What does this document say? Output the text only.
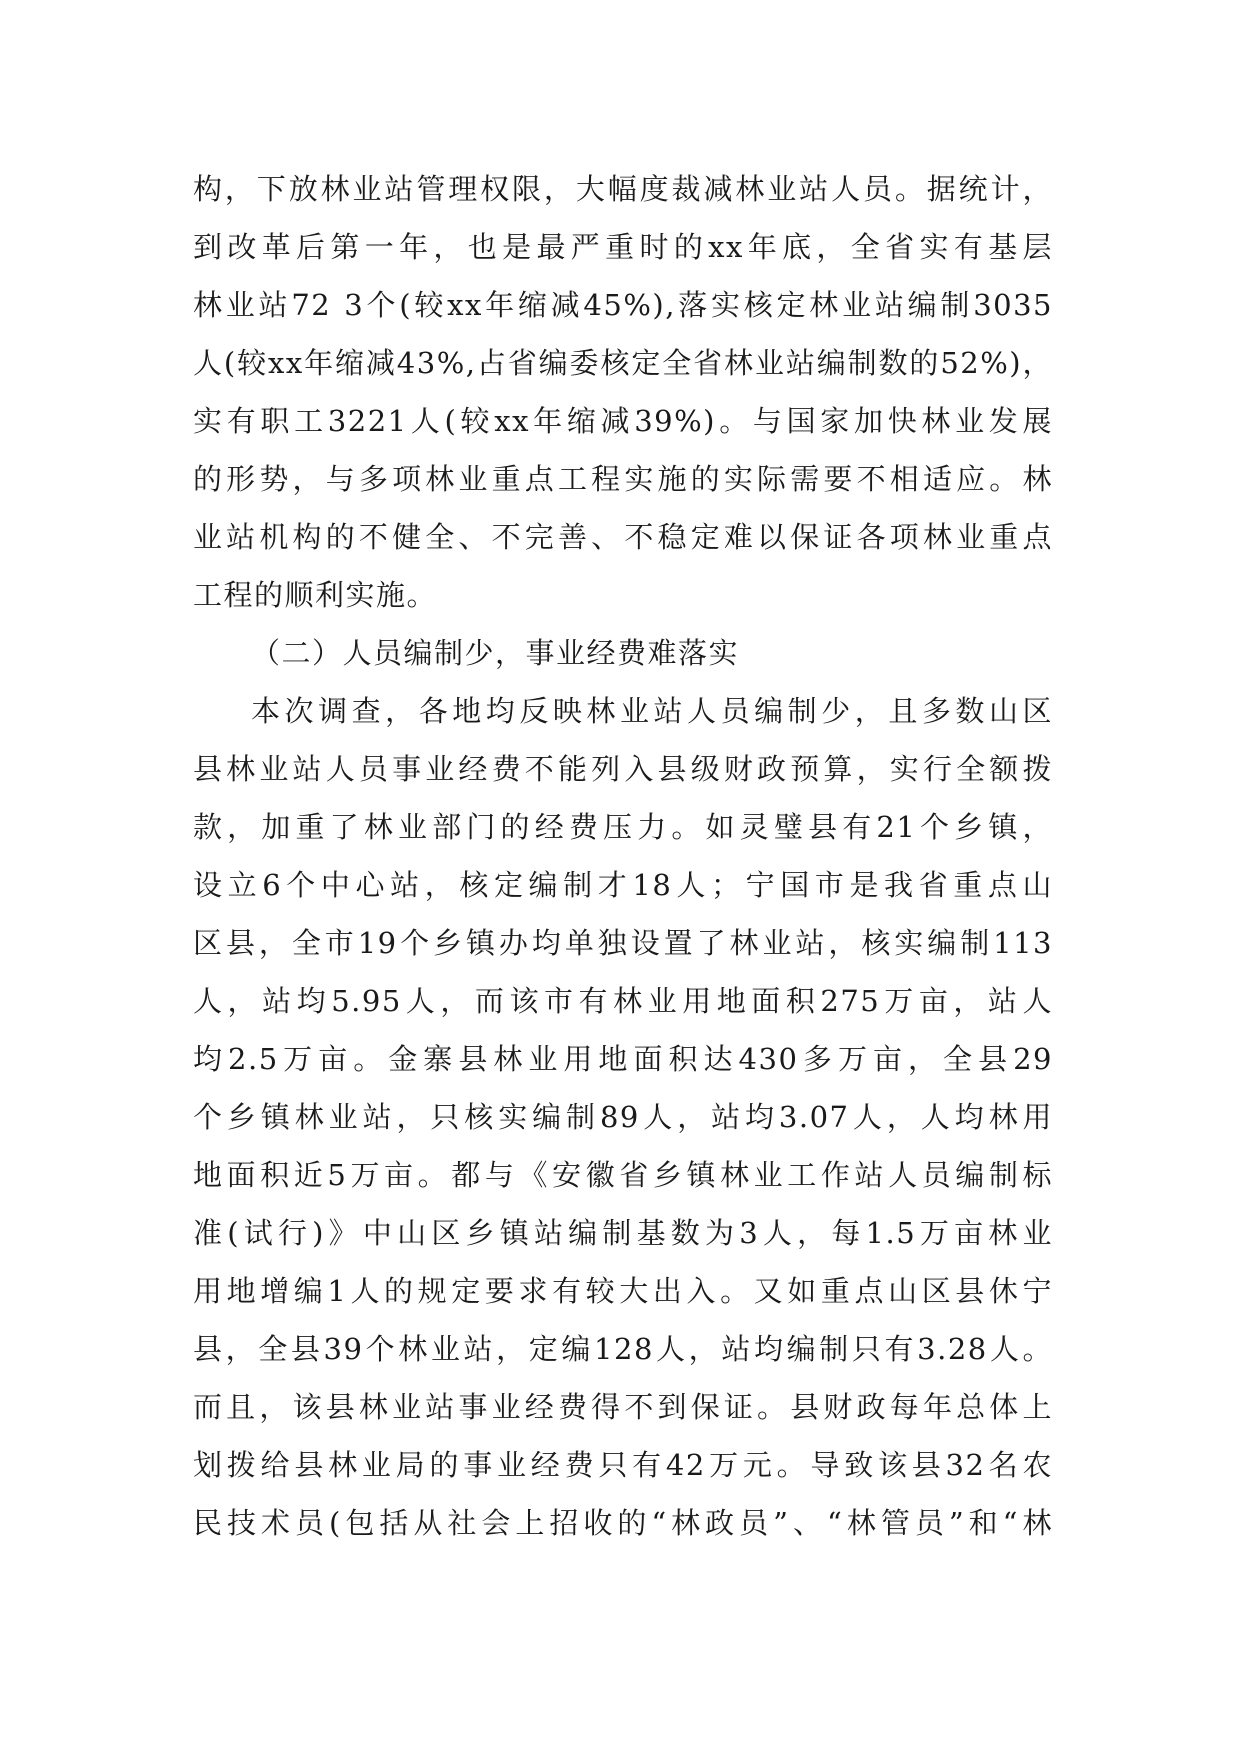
构，下放林业站管理权限，大幅度裁减林业站人员。据统计，
到改革后第一年，也是最严重时的xx年底，全省实有基层
林业站72 3个(较xx年缩减45%),落实核定林业站编制3035
人(较xx年缩减43%,占省编委核定全省林业站编制数的52%)，
实有职工3221人(较xx年缩减39%)。与国家加快林业发展
的形势，与多项林业重点工程实施的实际需要不相适应。林
业站机构的不健全、不完善、不稳定难以保证各项林业重点
工程的顺利实施。
（二）人员编制少，事业经费难落实
本次调查，各地均反映林业站人员编制少，且多数山区
县林业站人员事业经费不能列入县级财政预算，实行全额拨
款，加重了林业部门的经费压力。如灵璧县有21个乡镇，
设立6个中心站，核定编制才18人；宁国市是我省重点山
区县，全市19个乡镇办均单独设置了林业站，核实编制113
人，站均5.95人，而该市有林业用地面积275万亩，站人
均2.5万亩。金寨县林业用地面积达430多万亩，全县29
个乡镇林业站，只核实编制89人，站均3.07人，人均林用
地面积近5万亩。都与《安徽省乡镇林业工作站人员编制标
准(试行)》中山区乡镇站编制基数为3人，每1.5万亩林业
用地增编1人的规定要求有较大出入。又如重点山区县休宁
县，全县39个林业站，定编128人，站均编制只有3.28人。
而且，该县林业站事业经费得不到保证。县财政每年总体上
划拨给县林业局的事业经费只有42万元。导致该县32名农
民技术员(包括从社会上招收的“林政员”、“林管员”和“林
